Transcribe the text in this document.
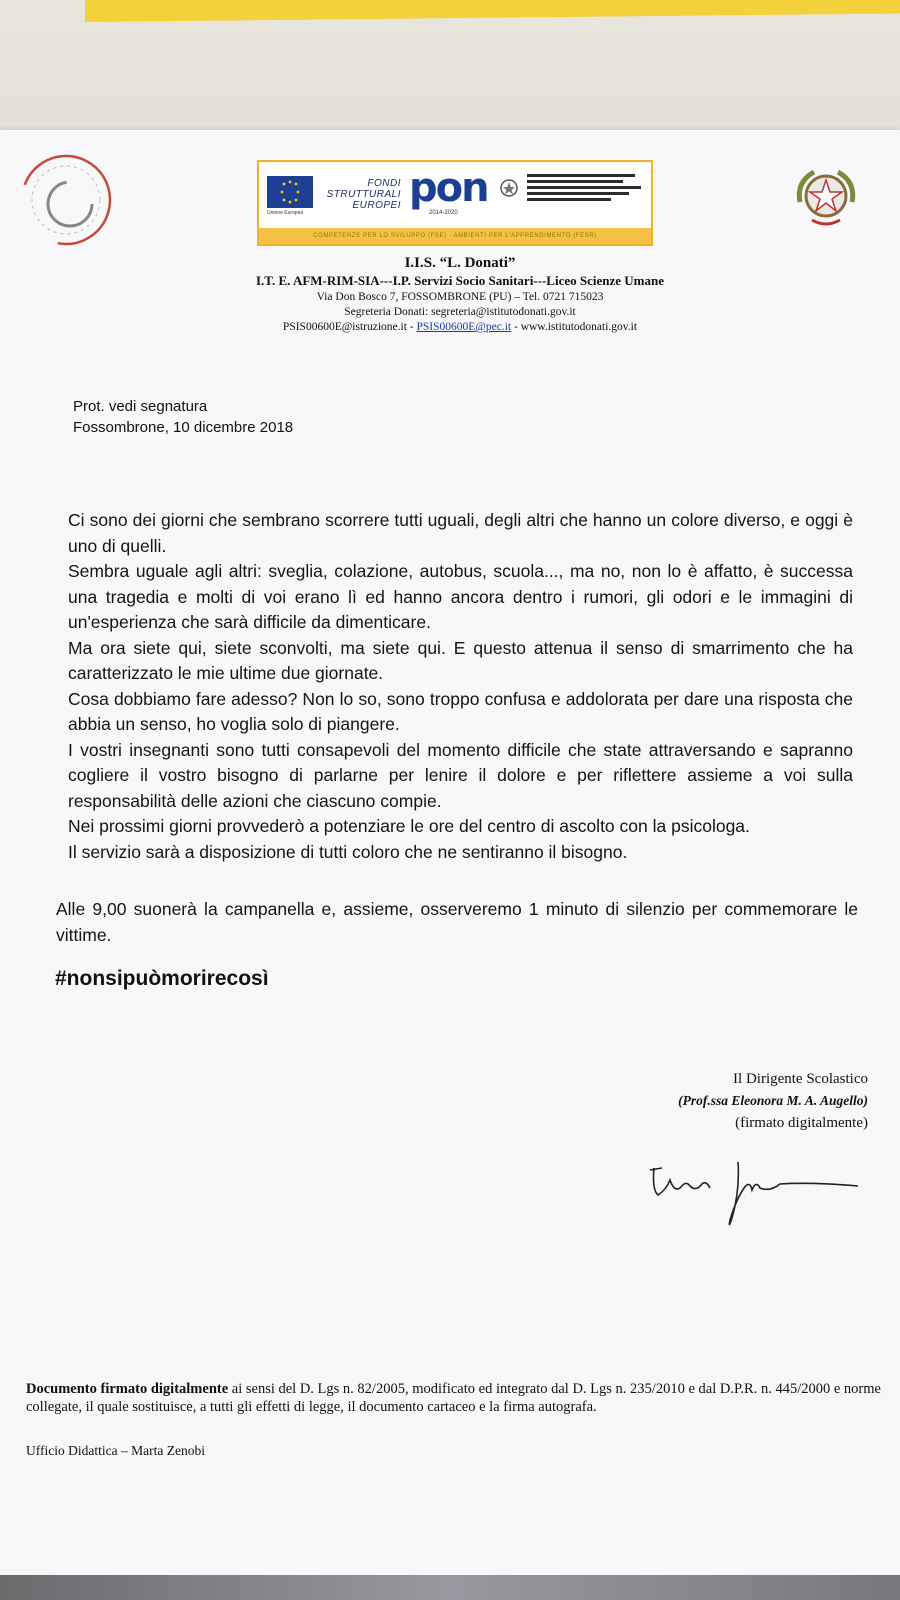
Unione Europea
FONDI
STRUTTURALI
EUROPEI pon
2014-2020
COMPETENZE PER LO SVILUPPO (FSE) · AMBIENTI PER L'APPRENDIMENTO (FESR)
I.I.S. “L. Donati”
I.T. E. AFM-RIM-SIA---I.P. Servizi Socio Sanitari---Liceo Scienze Umane
Via Don Bosco 7, FOSSOMBRONE (PU) – Tel. 0721 715023
Segreteria Donati: segreteria@istitutodonati.gov.it
PSIS00600E@istruzione.it - PSIS00600E@pec.it - www.istitutodonati.gov.it
Prot. vedi segnatura
Fossombrone, 10 dicembre 2018

Ci sono dei giorni che sembrano scorrere tutti uguali, degli altri che hanno un colore diverso, e oggi è uno di quelli.

Sembra uguale agli altri: sveglia, colazione, autobus, scuola..., ma no, non lo è affatto, è successa una tragedia e molti di voi erano lì ed hanno ancora dentro i rumori, gli odori e le immagini di un'esperienza che sarà difficile da dimenticare.

Ma ora siete qui, siete sconvolti, ma siete qui. E questo attenua il senso di smarrimento che ha caratterizzato le mie ultime due giornate.

Cosa dobbiamo fare adesso? Non lo so, sono troppo confusa e addolorata per dare una risposta che abbia un senso, ho voglia solo di piangere.

I vostri insegnanti sono tutti consapevoli del momento difficile che state attraversando e sapranno cogliere il vostro bisogno di parlarne per lenire il dolore e per riflettere assieme a voi sulla responsabilità delle azioni che ciascuno compie.

Nei prossimi giorni provvederò a potenziare le ore del centro di ascolto con la psicologa.

Il servizio sarà a disposizione di tutti coloro che ne sentiranno il bisogno.

Alle 9,00 suonerà la campanella e, assieme, osserveremo 1 minuto di silenzio per commemorare le vittime.
#nonsipuòmorirecosì
Il Dirigente Scolastico
(Prof.ssa Eleonora M. A. Augello)
(firmato digitalmente)
Documento firmato digitalmente ai sensi del D. Lgs n. 82/2005, modificato ed integrato dal D. Lgs n. 235/2010 e dal D.P.R. n. 445/2000 e norme collegate, il quale sostituisce, a tutti gli effetti di legge, il documento cartaceo e la firma autografa.
Ufficio Didattica – Marta Zenobi
